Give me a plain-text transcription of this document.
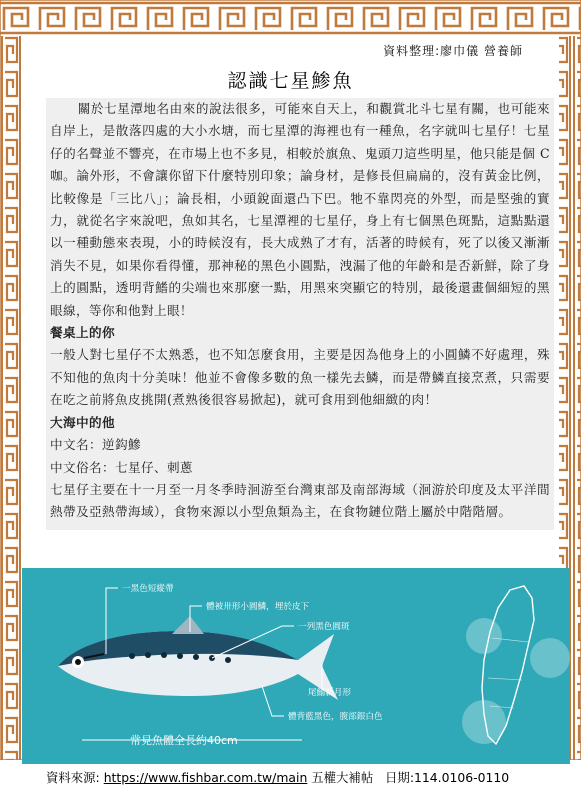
資料整理:廖巾儀 營養師
認識七星鯵魚

關於七星潭地名由來的說法很多，可能來自天上，和觀賞北斗七星有關，也可能來自岸上，是散落四處的大小水塘，而七星潭的海裡也有一種魚，名字就叫七星仔！七星仔的名聲並不響亮，在市場上也不多見，相較於旗魚、鬼頭刀這些明星，他只能是個 C 咖。論外形，不會讓你留下什麼特別印象；論身材，是修長但扁扁的，沒有黃金比例，比較像是「三比八」；論長相，小頭銳面還凸下巴。牠不靠閃亮的外型，而是堅強的實力，就從名字來說吧，魚如其名，七星潭裡的七星仔，身上有七個黑色斑點，這點點還以一種動態來表現，小的時候沒有，長大成熟了才有，活著的時候有，死了以後又漸漸消失不見，如果你看得懂，那神秘的黑色小圓點，洩漏了他的年齡和是否新鮮，除了身上的圓點，透明背鰭的尖端也來那麼一點，用黑來突顯它的特別，最後還畫個細短的黑眼線，等你和他對上眼！

餐桌上的你

一般人對七星仔不太熟悉，也不知怎麼食用，主要是因為他身上的小圓鱗不好處理，殊不知他的魚肉十分美味！他並不會像多數的魚一樣先去鱗，而是帶鱗直接烹煮，只需要在吃之前將魚皮挑開(煮熟後很容易掀起)，就可食用到他細緻的肉！

大海中的他

中文名：逆鈎鰺

中文俗名：七星仔、刺蔥

七星仔主要在十一月至一月冬季時洄游至台灣東部及南部海域（洄游於印度及太平洋間熱帶及亞熱帶海域），食物來源以小型魚類為主，在食物鏈位階上屬於中階階層。

一黑色短縱帶
體被卅形小圓鱗，埋於皮下
一列黑色圓斑
尾鰭新月形
體背藍黑色，腹部銀白色
常見魚體全長約40cm
資料來源: https://www.fishbar.com.tw/main 五權大補帖 日期:114.0106-0110
